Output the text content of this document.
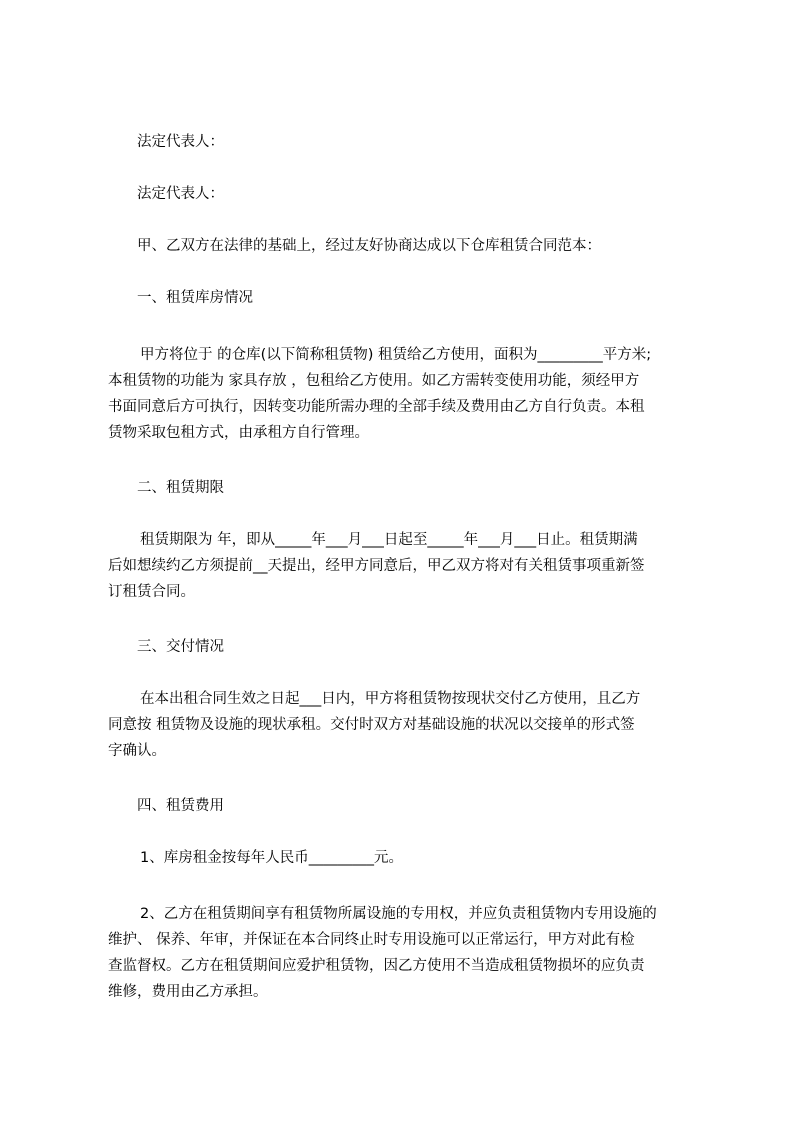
法定代表人：
法定代表人：
甲、乙双方在法律的基础上，经过友好协商达成以下仓库租赁合同范本：
一、租赁库房情况
甲方将位于 的仓库(以下简称租赁物) 租赁给乙方使用，面积为_________平方米;
本租赁物的功能为 家具存放 ，包租给乙方使用。如乙方需转变使用功能，须经甲方
书面同意后方可执行，因转变功能所需办理的全部手续及费用由乙方自行负责。本租
赁物采取包租方式，由承租方自行管理。
二、租赁期限
租赁期限为 年，即从_____年___月___日起至_____年___月___日止。租赁期满
后如想续约乙方须提前__天提出，经甲方同意后，甲乙双方将对有关租赁事项重新签
订租赁合同。
三、交付情况
在本出租合同生效之日起___日内，甲方将租赁物按现状交付乙方使用，且乙方
同意按 租赁物及设施的现状承租。交付时双方对基础设施的状况以交接单的形式签
字确认。
四、租赁费用
1、库房租金按每年人民币_________元。
2、乙方在租赁期间享有租赁物所属设施的专用权，并应负责租赁物内专用设施的
维护、 保养、年审，并保证在本合同终止时专用设施可以正常运行，甲方对此有检
查监督权。乙方在租赁期间应爱护租赁物，因乙方使用不当造成租赁物损坏的应负责
维修，费用由乙方承担。
